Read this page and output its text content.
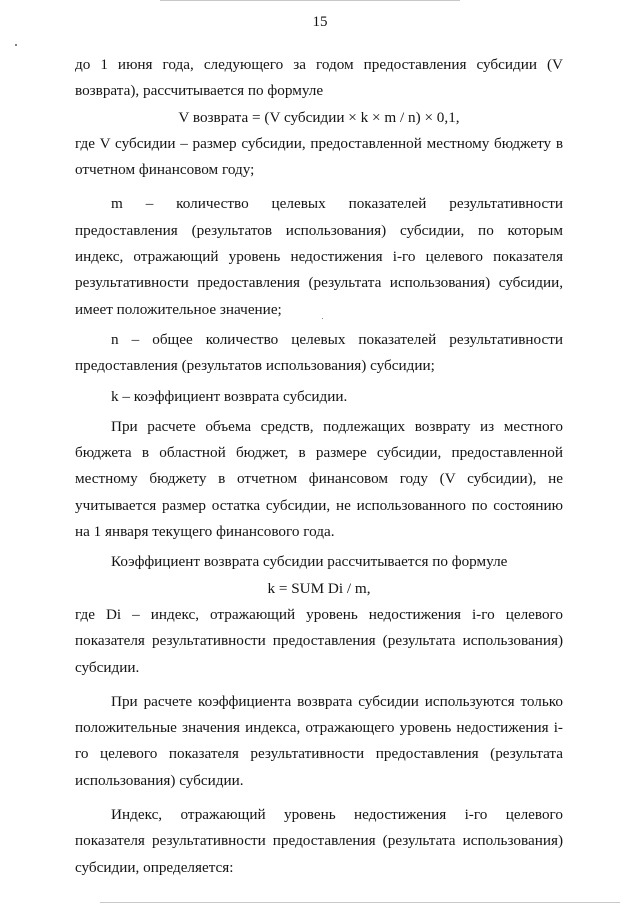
15

до 1 июня года, следующего за годом предоставления субсидии (V возврата), рассчитывается по формуле

V возврата = (V субсидии × k × m / n) × 0,1,

где V субсидии – размер субсидии, предоставленной местному бюджету в отчетном финансовом году;

m – количество целевых показателей результативности предоставления (результатов использования) субсидии, по которым индекс, отражающий уровень недостижения i-го целевого показателя результативности предоставления (результата использования) субсидии, имеет положительное значение;

n – общее количество целевых показателей результативности предоставления (результатов использования) субсидии;

k – коэффициент возврата субсидии.

При расчете объема средств, подлежащих возврату из местного бюджета в областной бюджет, в размере субсидии, предоставленной местному бюджету в отчетном финансовом году (V субсидии), не учитывается размер остатка субсидии, не использованного по состоянию на 1 января текущего финансового года.

Коэффициент возврата субсидии рассчитывается по формуле

k = SUM Di / m,

где Di – индекс, отражающий уровень недостижения i-го целевого показателя результативности предоставления (результата использования) субсидии.

При расчете коэффициента возврата субсидии используются только положительные значения индекса, отражающего уровень недостижения i-го целевого показателя результативности предоставления (результата использования) субсидии.

Индекс, отражающий уровень недостижения i-го целевого показателя результативности предоставления (результата использования) субсидии, определяется:
